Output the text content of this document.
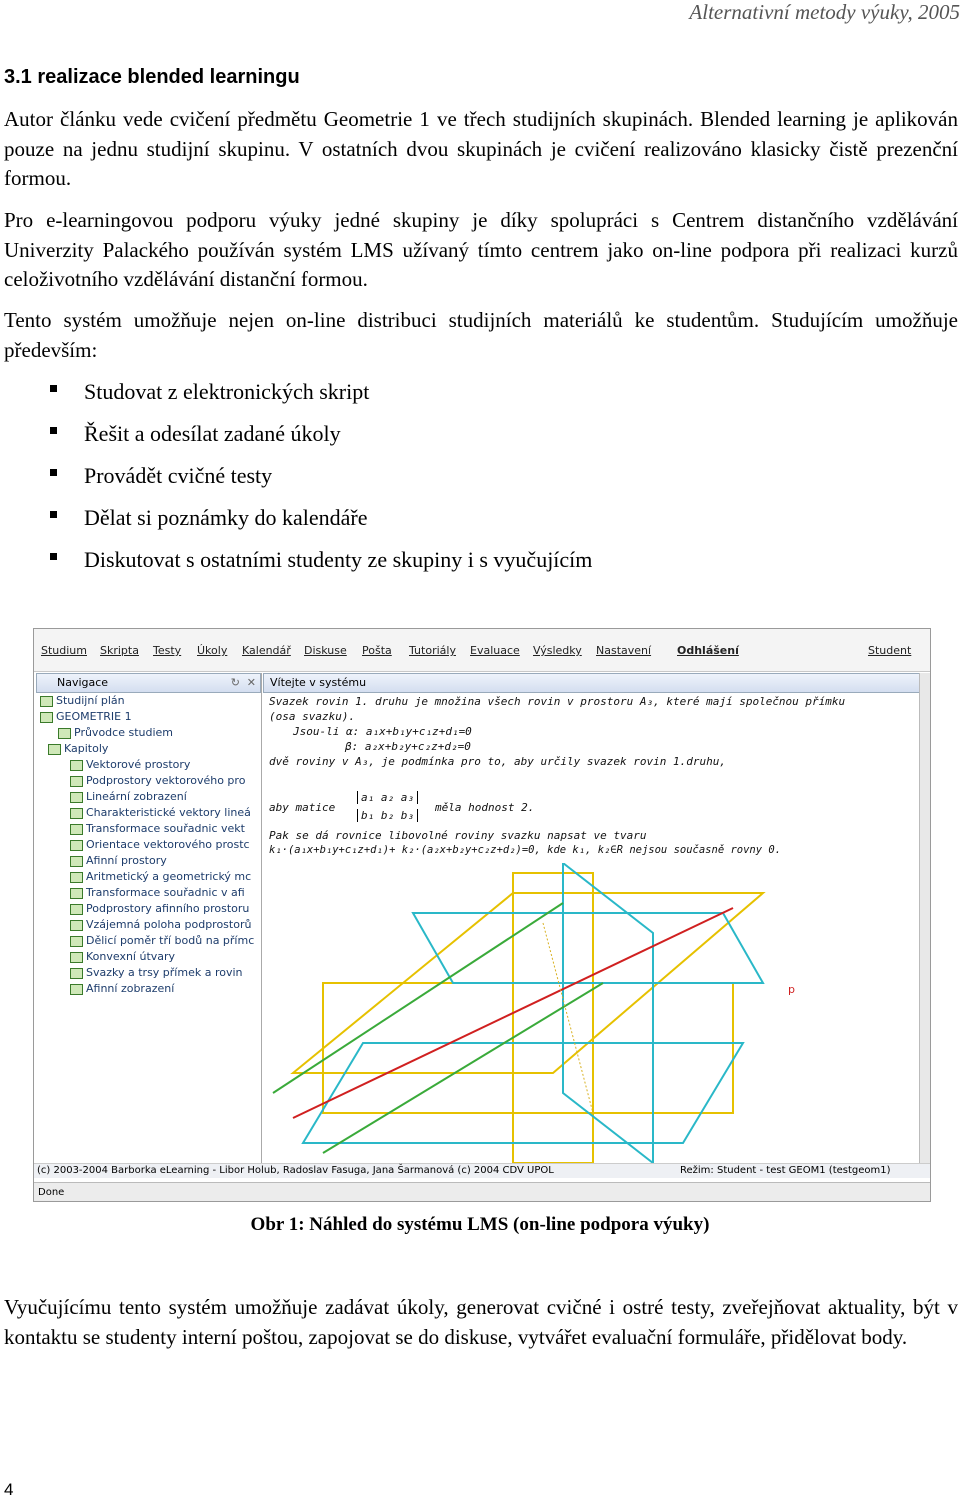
Alternativní metody výuky, 2005
3.1 realizace blended learningu

Autor článku vede cvičení předmětu Geometrie 1 ve třech studijních skupinách. Blended learning je aplikován pouze na jednu studijní skupinu. V ostatních dvou skupinách je cvičení realizováno klasicky čistě prezenční formou.

Pro e-learningovou podporu výuky jedné skupiny je díky spolupráci s Centrem distančního vzdělávání Univerzity Palackého používán systém LMS užívaný tímto centrem jako on-line podpora při realizaci kurzů celoživotního vzdělávání distanční formou.

Tento systém umožňuje nejen on-line distribuci studijních materiálů ke studentům. Studujícím umožňuje především:

Studovat z elektronických skript
Řešit a odesílat zadané úkoly
Provádět cvičné testy
Dělat si poznámky do kalendáře
Diskutovat s ostatními studenty ze skupiny i s vyučujícím
Studium Skripta Testy Úkoly Kalendář Diskuse Pošta Tutoriály Evaluace Výsledky Nastavení Odhlášení	Student
Navigace	✕
↻
Studijní plán
GEOMETRIE 1
Průvodce studiem
Kapitoly
Vektorové prostory
Podprostory vektorového pro
Lineární zobrazení
Charakteristické vektory lineá
Transformace souřadnic vekt
Orientace vektorového prostc
Afinní prostory
Aritmetický a geometrický mc
Transformace souřadnic v afi
Podprostory afinního prostoru
Vzájemná poloha podprostorů
Dělicí poměr tří bodů na přímc
Konvexní útvary
Svazky a trsy přímek a rovin
Afinní zobrazení
Vítejte v systému
Svazek rovin 1. druhu je množina všech rovin v prostoru A₃, které mají společnou přímku
(osa svazku).
Jsou-li α: a₁x+b₁y+c₁z+d₁=0
β: a₂x+b₂y+c₂z+d₂=0
dvě roviny v A₃, je podmínka pro to, aby určily svazek rovin 1.druhu,
aby matice
a₁ a₂ a₃
b₁ b₂ b₃
měla hodnost 2.
Pak se dá rovnice libovolné roviny svazku napsat ve tvaru
k₁·(a₁x+b₁y+c₁z+d₁)+ k₂·(a₂x+b₂y+c₂z+d₂)=0, kde k₁, k₂∈R nejsou současně rovny 0.
p
(c) 2003-2004 Barborka eLearning - Libor Holub, Radoslav Fasuga, Jana Šarmanová (c) 2004 CDV UPOL	Režim: Student - test GEOM1 (testgeom1)
Done
Obr 1: Náhled do systému LMS (on-line podpora výuky)

Vyučujícímu tento systém umožňuje zadávat úkoly, generovat cvičné i ostré testy, zveřejňovat aktuality, být v kontaktu se studenty interní poštou, zapojovat se do diskuse, vytvářet evaluační formuláře, přidělovat body.

4
